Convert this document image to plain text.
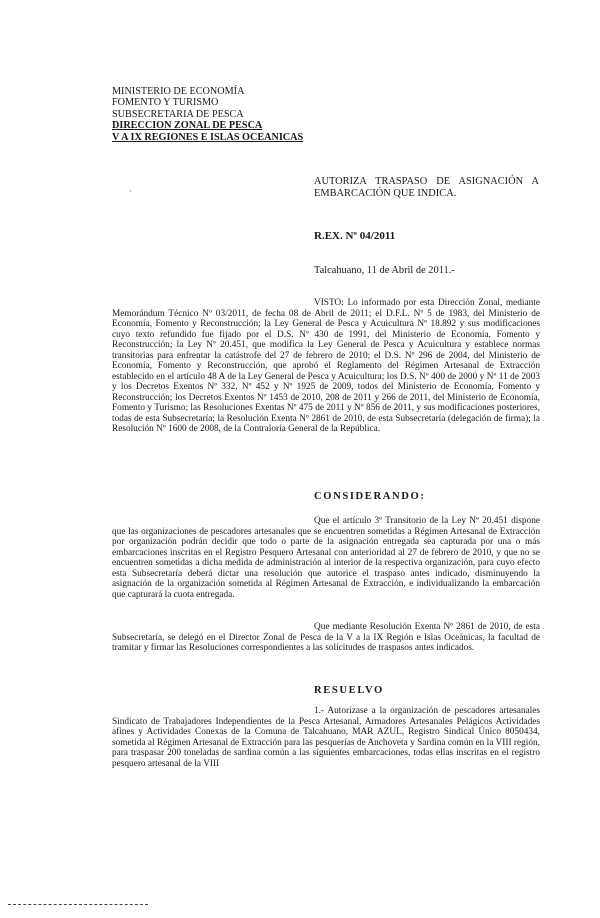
MINISTERIO DE ECONOMÍA
FOMENTO Y TURISMO
SUBSECRETARIA DE PESCA
DIRECCION ZONAL DE PESCA
V A IX REGIONES E ISLAS OCEANICAS
·
AUTORIZA TRASPASO DE ASIGNACIÓN A EMBARCACIÓN QUE INDICA.
R.EX. Nº 04/2011
Talcahuano, 11 de Abril de 2011.-
VISTO: Lo informado por esta Dirección Zonal, mediante Memorándum Técnico Nº 03/2011, de fecha 08 de Abril de 2011; el D.F.L. Nº 5 de 1983, del Ministerio de Economía, Fomento y Reconstrucción; la Ley General de Pesca y Acuicultura Nº 18.892 y sus modificaciones cuyo texto refundido fue fijado por el D.S. Nº 430 de 1991, del Ministerio de Economía, Fomento y Reconstrucción; la Ley Nº 20.451, que modifica la Ley General de Pesca y Acuicultura y establece normas transitorias para enfrentar la catástrofe del 27 de febrero de 2010; el D.S. Nº 296 de 2004, del Ministerio de Economía, Fomento y Reconstrucción, que aprobó el Reglamento del Régimen Artesanal de Extracción establecido en el artículo 48 A de la Ley General de Pesca y Acuicultura; los D.S. Nº 400 de 2000 y Nº 11 de 2003 y los Decretos Exentos Nº 332, Nº 452 y Nº 1925 de 2009, todos del Ministerio de Economía, Fomento y Reconstrucción; los Decretos Exentos Nº 1453 de 2010, 208 de 2011 y 266 de 2011, del Ministerio de Economía, Fomento y Turismo; las Resoluciones Exentas Nº 475 de 2011 y Nº 856 de 2011, y sus modificaciones posteriores, todas de esta Subsecretaría; la Resolución Exenta Nº 2861 de 2010, de esta Subsecretaría (delegación de firma); la Resolución Nº 1600 de 2008, de la Contraloría General de la República.
CONSIDERANDO:
Que el artículo 3º Transitorio de la Ley Nº 20.451 dispone que las organizaciones de pescadores artesanales que se encuentren sometidas a Régimen Artesanal de Extracción por organización podrán decidir que todo o parte de la asignación entregada sea capturada por una o más embarcaciones inscritas en el Registro Pesquero Artesanal con anterioridad al 27 de febrero de 2010, y que no se encuentren sometidas a dicha medida de administración al interior de la respectiva organización, para cuyo efecto esta Subsecretaría deberá dictar una resolución que autorice el traspaso antes indicado, disminuyendo la asignación de la organización sometida al Régimen Artesanal de Extracción, e individualizando la embarcación que capturará la cuota entregada.
Que mediante Resolución Exenta Nº 2861 de 2010, de esta Subsecretaría, se delegó en el Director Zonal de Pesca de la V a la IX Región e Islas Oceánicas, la facultad de tramitar y firmar las Resoluciones correspondientes a las solicitudes de traspasos antes indicados.
RESUELVO
1.- Autorízase a la organización de pescadores artesanales Sindicato de Trabajadores Independientes de la Pesca Artesanal, Armadores Artesanales Pelágicos Actividades afines y Actividades Conexas de la Comuna de Talcahuano, MAR AZUL, Registro Sindical Único 8050434, sometida al Régimen Artesanal de Extracción para las pesquerías de Anchoveta y Sardina común en la VIII región, para traspasar 200 toneladas de sardina común a las siguientes embarcaciones, todas ellas inscritas en el registro pesquero artesanal de la VIII
